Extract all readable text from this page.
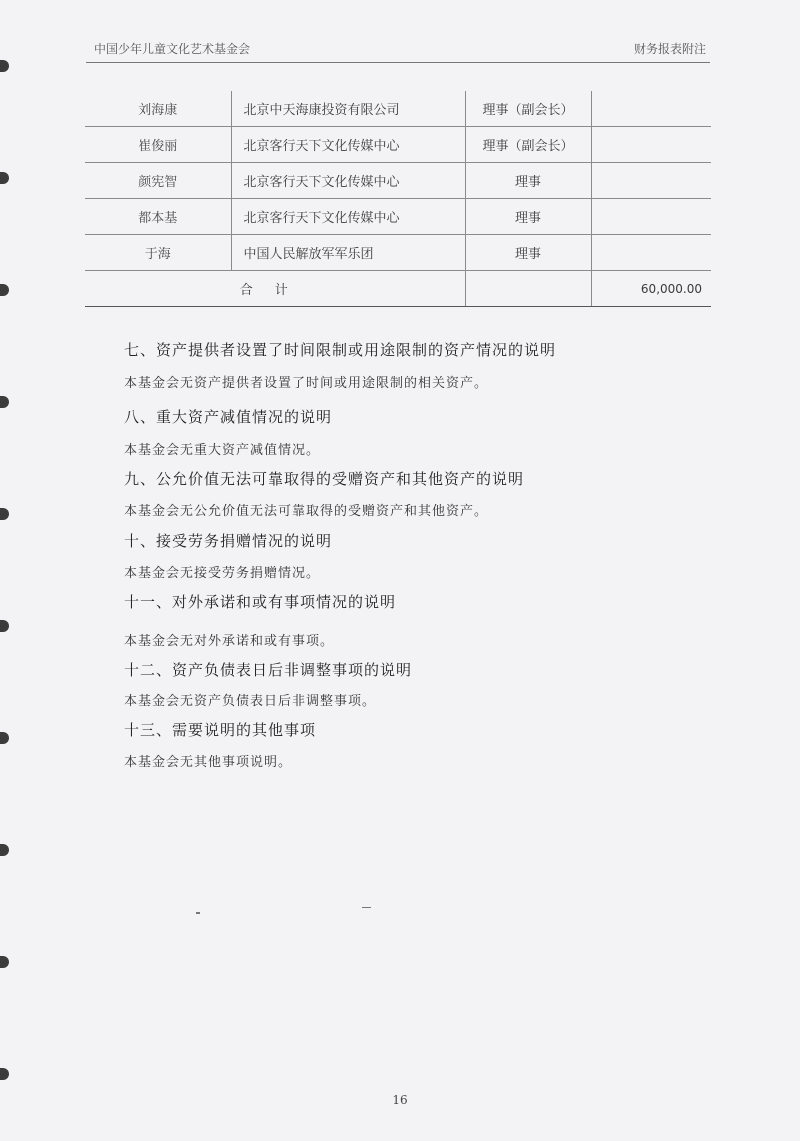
中国少年儿童文化艺术基金会	财务报表附注
刘海康	北京中天海康投资有限公司	理事（副会长）	
崔俊丽	北京客行天下文化传媒中心	理事（副会长）	
颜宪智	北京客行天下文化传媒中心	理事	
都本基	北京客行天下文化传媒中心	理事	
于海	中国人民解放军军乐团	理事	
合计			60,000.00
七、资产提供者设置了时间限制或用途限制的资产情况的说明
本基金会无资产提供者设置了时间或用途限制的相关资产。
八、重大资产减值情况的说明
本基金会无重大资产减值情况。
九、公允价值无法可靠取得的受赠资产和其他资产的说明
本基金会无公允价值无法可靠取得的受赠资产和其他资产。
十、接受劳务捐赠情况的说明
本基金会无接受劳务捐赠情况。
十一、对外承诺和或有事项情况的说明
本基金会无对外承诺和或有事项。
十二、资产负债表日后非调整事项的说明
本基金会无资产负债表日后非调整事项。
十三、需要说明的其他事项
本基金会无其他事项说明。
16
